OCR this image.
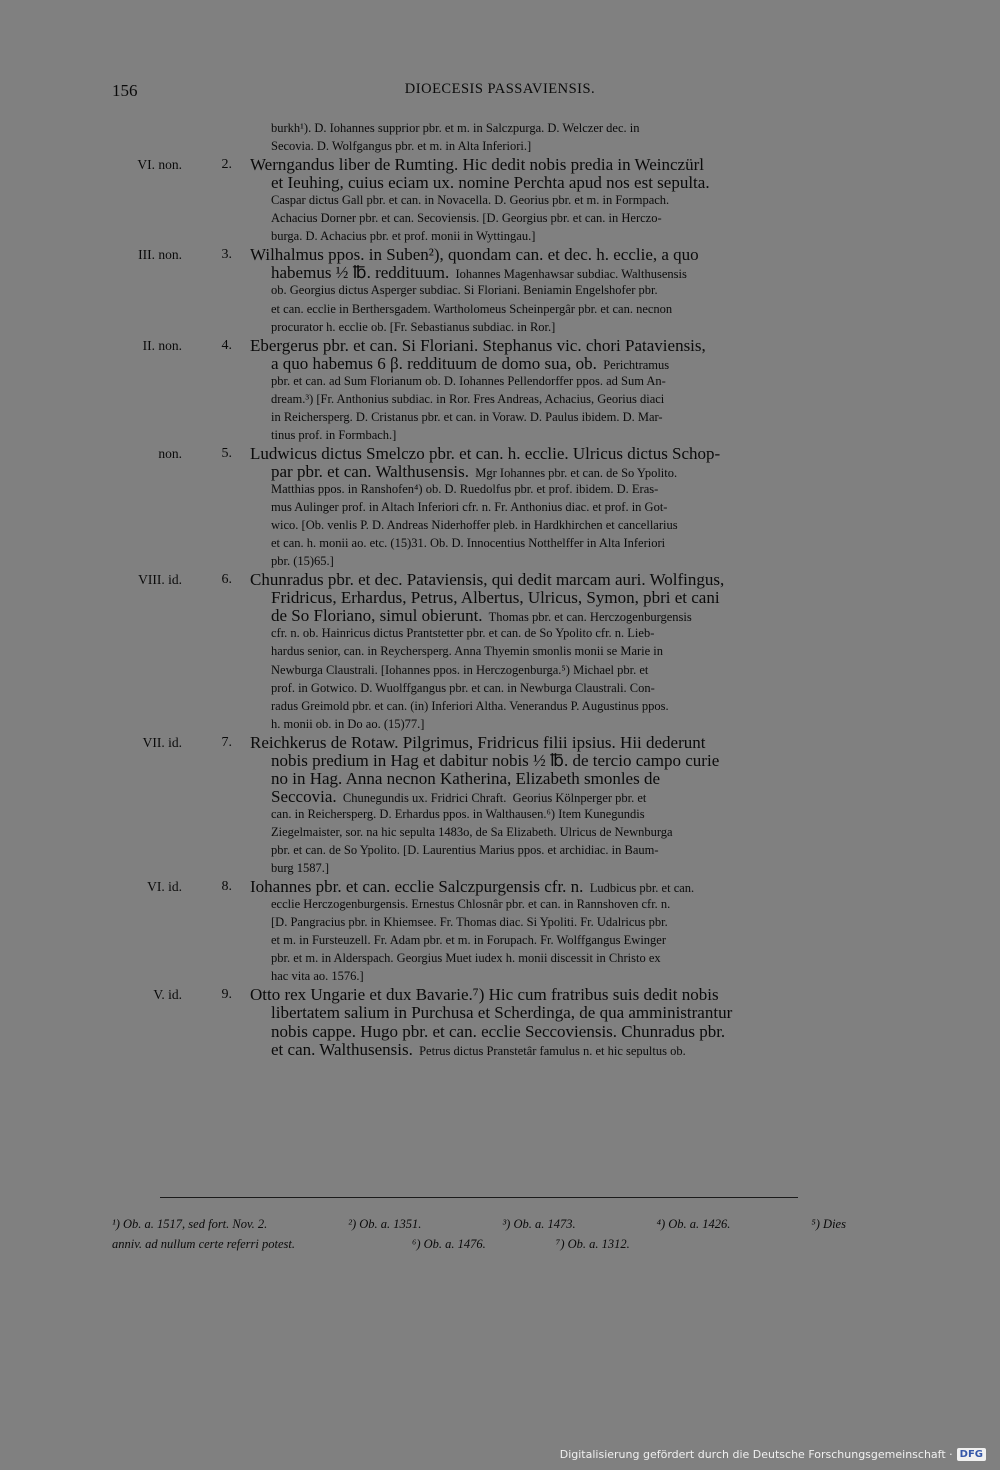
156	DIOECESIS PASSAVIENSIS.
burkh¹). D. Iohannes supprior pbr. et m. in Salczpurga. D. Welczer dec. in
Secovia. D. Wolfgangus pbr. et m. in Alta Inferiori.]
VI. non.	2. Werngandus liber de Rumting. Hic dedit nobis predia in Weinczürl
et Ieuhing, cuius eciam ux. nomine Perchta apud nos est sepulta.
Caspar dictus Gall pbr. et can. in Novacella. D. Georius pbr. et m. in Formpach.
Achacius Dorner pbr. et can. Secoviensis. [D. Georgius pbr. et can. in Herczo-
burga. D. Achacius pbr. et prof. monii in Wyttingau.]
III. non.	3. Wilhalmus ppos. in Suben²), quondam can. et dec. h. ecclie, a quo
habemus ½ ℔. reddituum.  Iohannes Magenhawsar subdiac. Walthusensis
ob. Georgius dictus Asperger subdiac. Si Floriani. Beniamin Engelshofer pbr.
et can. ecclie in Berthersgadem. Wartholomeus Scheinpergâr pbr. et can. necnon
procurator h. ecclie ob. [Fr. Sebastianus subdiac. in Ror.]
II. non.	4. Ebergerus pbr. et can. Si Floriani. Stephanus vic. chori Pataviensis,
a quo habemus 6 β. reddituum de domo sua, ob.  Perichtramus
pbr. et can. ad Sum Florianum ob. D. Iohannes Pellendorffer ppos. ad Sum An-
dream.³) [Fr. Anthonius subdiac. in Ror. Fres Andreas, Achacius, Georius diaci
in Reichersperg. D. Cristanus pbr. et can. in Voraw. D. Paulus ibidem. D. Mar-
tinus prof. in Formbach.]
non.	5. Ludwicus dictus Smelczo pbr. et can. h. ecclie. Ulricus dictus Schop-
par pbr. et can. Walthusensis.  Mgr Iohannes pbr. et can. de So Ypolito.
Matthias ppos. in Ranshofen⁴) ob. D. Ruedolfus pbr. et prof. ibidem. D. Eras-
mus Aulinger prof. in Altach Inferiori cfr. n. Fr. Anthonius diac. et prof. in Got-
wico. [Ob. venlis P. D. Andreas Niderhoffer pleb. in Hardkhirchen et cancellarius
et can. h. monii ao. etc. (15)31. Ob. D. Innocentius Notthelffer in Alta Inferiori
pbr. (15)65.]
VIII. id.	6. Chunradus pbr. et dec. Pataviensis, qui dedit marcam auri. Wolfingus,
Fridricus, Erhardus, Petrus, Albertus, Ulricus, Symon, pbri et cani
de So Floriano, simul obierunt.  Thomas pbr. et can. Herczogenburgensis
cfr. n. ob. Hainricus dictus Prantstetter pbr. et can. de So Ypolito cfr. n. Lieb-
hardus senior, can. in Reychersperg. Anna Thyemin smonlis monii se Marie in
Newburga Claustrali. [Iohannes ppos. in Herczogenburga.⁵) Michael pbr. et
prof. in Gotwico. D. Wuolffgangus pbr. et can. in Newburga Claustrali. Con-
radus Greimold pbr. et can. (in) Inferiori Altha. Venerandus P. Augustinus ppos.
h. monii ob. in Do ao. (15)77.]
VII. id.	7. Reichkerus de Rotaw. Pilgrimus, Fridricus filii ipsius. Hii dederunt
nobis predium in Hag et dabitur nobis ½ ℔. de tercio campo curie
no in Hag. Anna necnon Katherina, Elizabeth smonles de
Seccovia.  Chunegundis ux. Fridrici Chraft.  Georius Kölnperger pbr. et
can. in Reichersperg. D. Erhardus ppos. in Walthausen.⁶) Item Kunegundis
Ziegelmaister, sor. na hic sepulta 1483o, de Sa Elizabeth. Ulricus de Newnburga
pbr. et can. de So Ypolito. [D. Laurentius Marius ppos. et archidiac. in Baum-
burg 1587.]
VI. id.	8. Iohannes pbr. et can. ecclie Salczpurgensis cfr. n.  Ludbicus pbr. et can.
ecclie Herczogenburgensis. Ernestus Chlosnâr pbr. et can. in Rannshoven cfr. n.
[D. Pangracius pbr. in Khiemsee. Fr. Thomas diac. Si Ypoliti. Fr. Udalricus pbr.
et m. in Fursteuzell. Fr. Adam pbr. et m. in Forupach. Fr. Wolffgangus Ewinger
pbr. et m. in Alderspach. Georgius Muet iudex h. monii discessit in Christo ex
hac vita ao. 1576.]
V. id.	9. Otto rex Ungarie et dux Bavarie.⁷) Hic cum fratribus suis dedit nobis
libertatem salium in Purchusa et Scherdinga, de qua amministrantur
nobis cappe. Hugo pbr. et can. ecclie Seccoviensis. Chunradus pbr.
et can. Walthusensis.  Petrus dictus Pranstetâr famulus n. et hic sepultus ob.
¹) Ob. a. 1517, sed fort. Nov. 2.	²) Ob. a. 1351.	³) Ob. a. 1473.	⁴) Ob. a. 1426.	⁵) Dies
anniv. ad nullum certe referri potest.	⁶) Ob. a. 1476.	⁷) Ob. a. 1312.
Digitalisierung gefördert durch die Deutsche Forschungsgemeinschaft · DFG
